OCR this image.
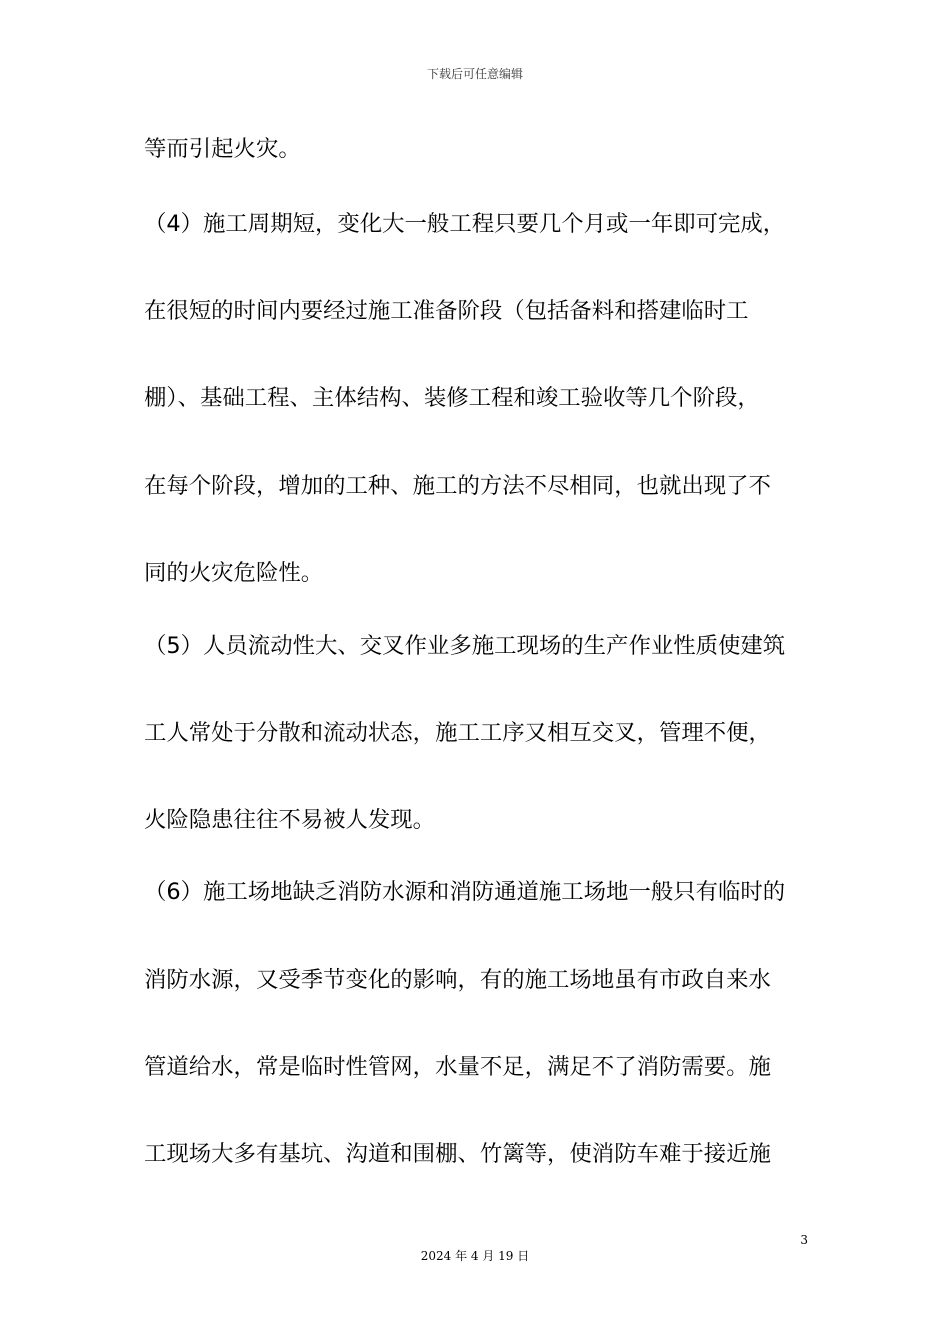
下载后可任意编辑
等而引起火灾。
（4）施工周期短，变化大一般工程只要几个月或一年即可完成，
在很短的时间内要经过施工准备阶段（包括备料和搭建临时工
棚）、基础工程、主体结构、装修工程和竣工验收等几个阶段，
在每个阶段，增加的工种、施工的方法不尽相同，也就出现了不
同的火灾危险性。
（5）人员流动性大、交叉作业多施工现场的生产作业性质使建筑
工人常处于分散和流动状态，施工工序又相互交叉，管理不便，
火险隐患往往不易被人发现。
（6）施工场地缺乏消防水源和消防通道施工场地一般只有临时的
消防水源，又受季节变化的影响，有的施工场地虽有市政自来水
管道给水，常是临时性管网，水量不足，满足不了消防需要。施
工现场大多有基坑、沟道和围棚、竹篱等，使消防车难于接近施
3
2024 年 4 月 19 日
